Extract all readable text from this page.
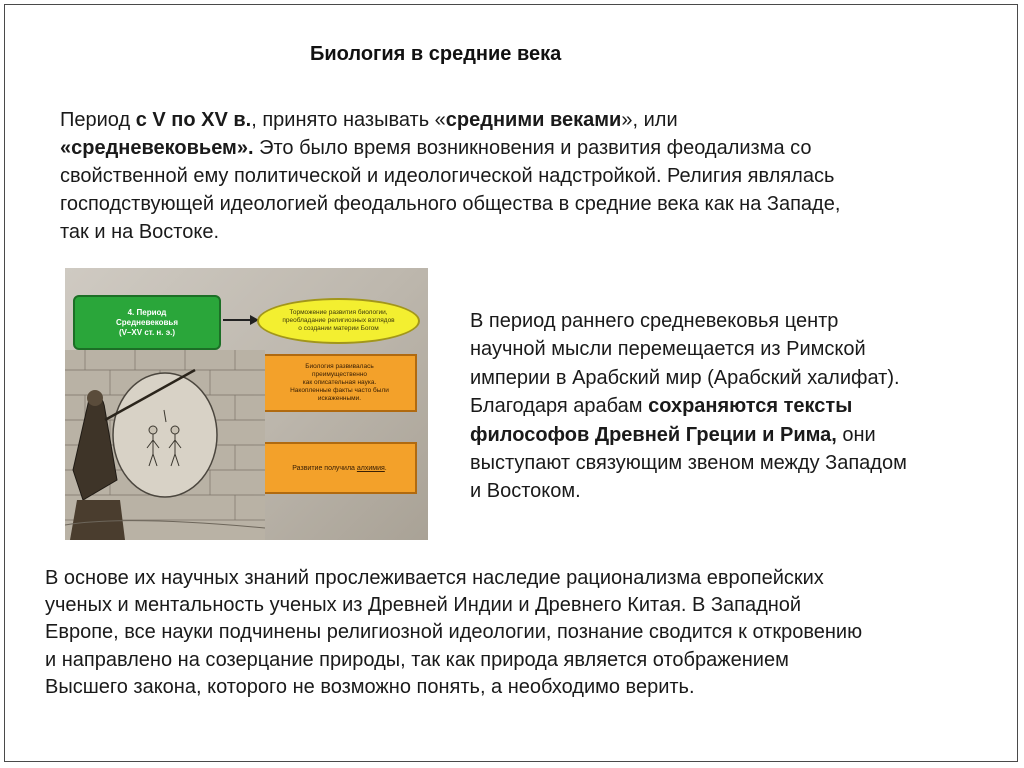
Биология в средние века
Период с V по XV в., принято называть «средними веками», или
«средневековьем». Это было время возникновения и развития феодализма со
свойственной ему политической и идеологической надстройкой. Религия являлась
господствующей идеологией феодального общества в средние века как на Западе,
так и на Востоке.
4. Период
Средневековья
(V–XV ст. н. э.)
Торможение развития биологии,
преобладание религиозных взглядов
о создании материи Богом
Биология развивалась
преимущественно
как описательная наука.
Накопленные факты часто были
искаженными.
Развитие получила алхимия.
В период раннего средневековья центр
научной мысли перемещается из Римской
империи в Арабский мир (Арабский халифат).
Благодаря арабам сохраняются тексты
философов Древней Греции и Рима, они
выступают связующим звеном между Западом
и Востоком.
В основе их научных знаний прослеживается наследие рационализма европейских
ученых и ментальность ученых из Древней Индии и Древнего Китая. В Западной
Европе, все науки подчинены религиозной идеологии, познание сводится к откровению
и направлено на созерцание природы, так как природа является отображением
Высшего закона, которого не возможно понять, а необходимо верить.
